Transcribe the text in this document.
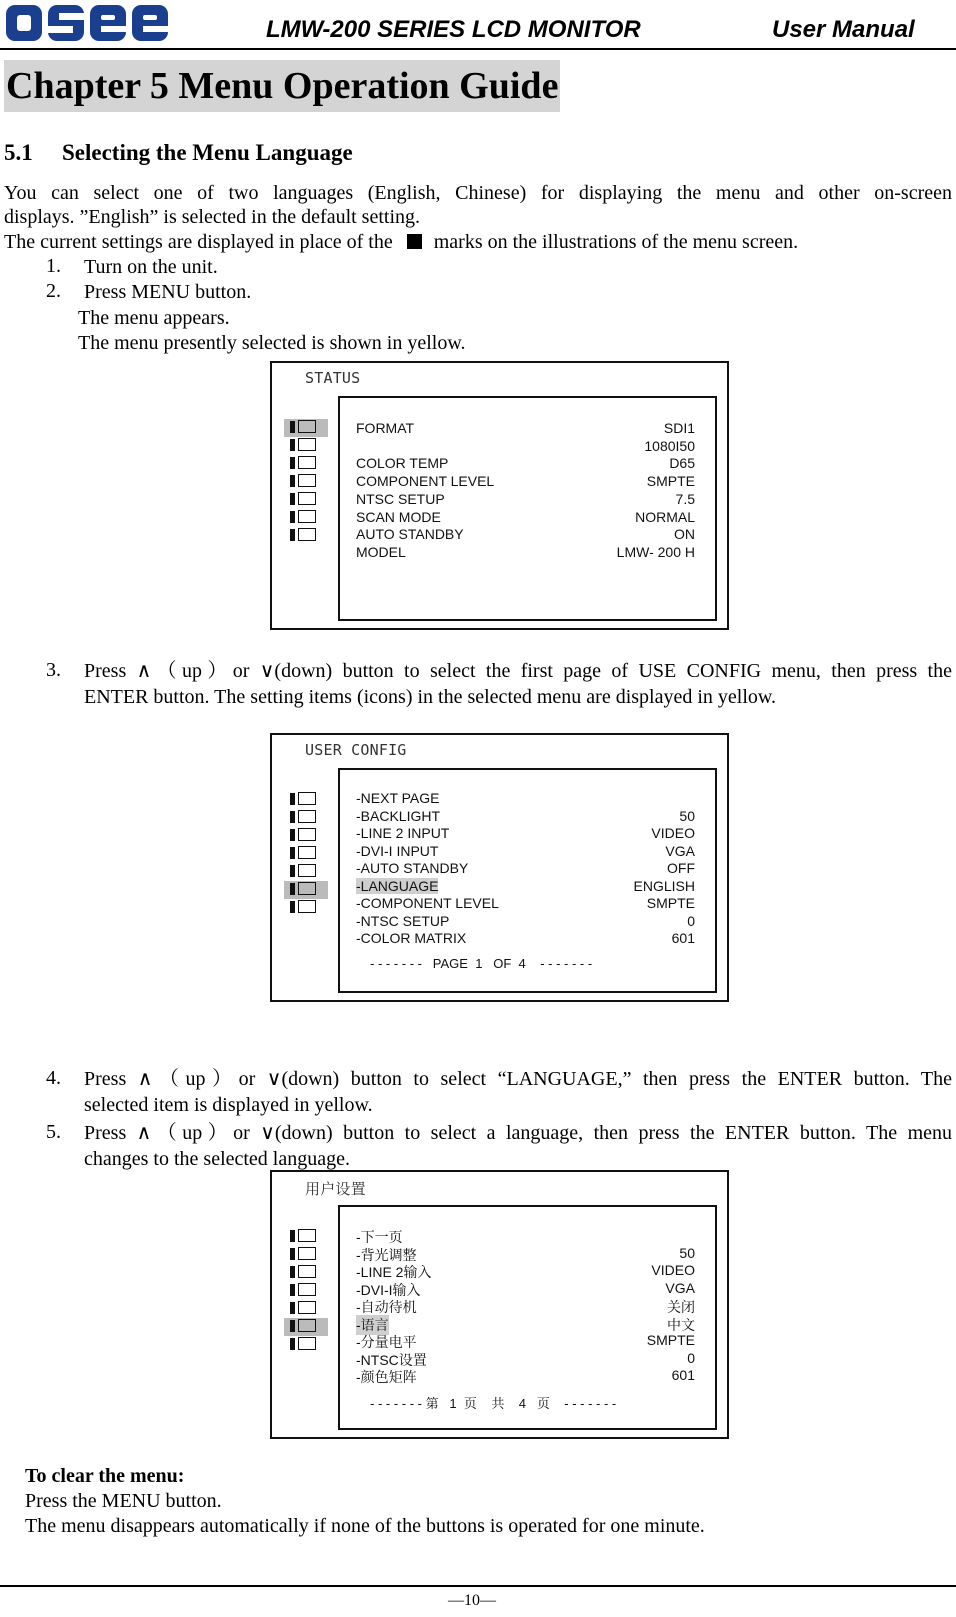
LMW-200 SERIES LCD MONITOR	User Manual
Chapter 5 Menu Operation Guide
5.1 Selecting the Menu Language
You can select one of two languages (English, Chinese) for displaying the menu and other on-screen
displays. ”English” is selected in the default setting.
The current settings are displayed in place of the marks on the illustrations of the menu screen.
1. Turn on the unit.
2. Press MENU button.
The menu appears.
The menu presently selected is shown in yellow.
STATUS
FORMAT	SDI1
1080I50
COLOR TEMP	D65
COMPONENT LEVEL	SMPTE
NTSC SETUP	7.5
SCAN MODE	NORMAL
AUTO STANDBY	ON
MODEL	LMW- 200 H
3. Press ∧（up）or ∨(down) button to select the first page of USE CONFIG menu, then press the
ENTER button. The setting items (icons) in the selected menu are displayed in yellow.
USER CONFIG
-NEXT PAGE
-BACKLIGHT	50
-LINE 2 INPUT	VIDEO
-DVI-I INPUT	VGA
-AUTO STANDBY	OFF
-LANGUAGE	ENGLISH
-COMPONENT LEVEL	SMPTE
-NTSC SETUP	0
-COLOR MATRIX	601
- - - - - - -   PAGE  1   OF  4    - - - - - - -
4. Press ∧（up）or ∨(down) button to select “LANGUAGE,” then press the ENTER button. The
selected item is displayed in yellow.
5. Press ∧（up）or ∨(down) button to select a language, then press the ENTER button. The menu
changes to the selected language.
用户设置
-下一页
-背光调整	50
-LINE 2输入	VIDEO
-DVI-I输入	VGA
-自动待机	关闭
-语言	中文
-分量电平	SMPTE
-NTSC设置	0
-颜色矩阵	601
- - - - - - - 第   1  页    共    4   页    - - - - - - -
To clear the menu:
Press the MENU button.
The menu disappears automatically if none of the buttons is operated for one minute.
—10—
